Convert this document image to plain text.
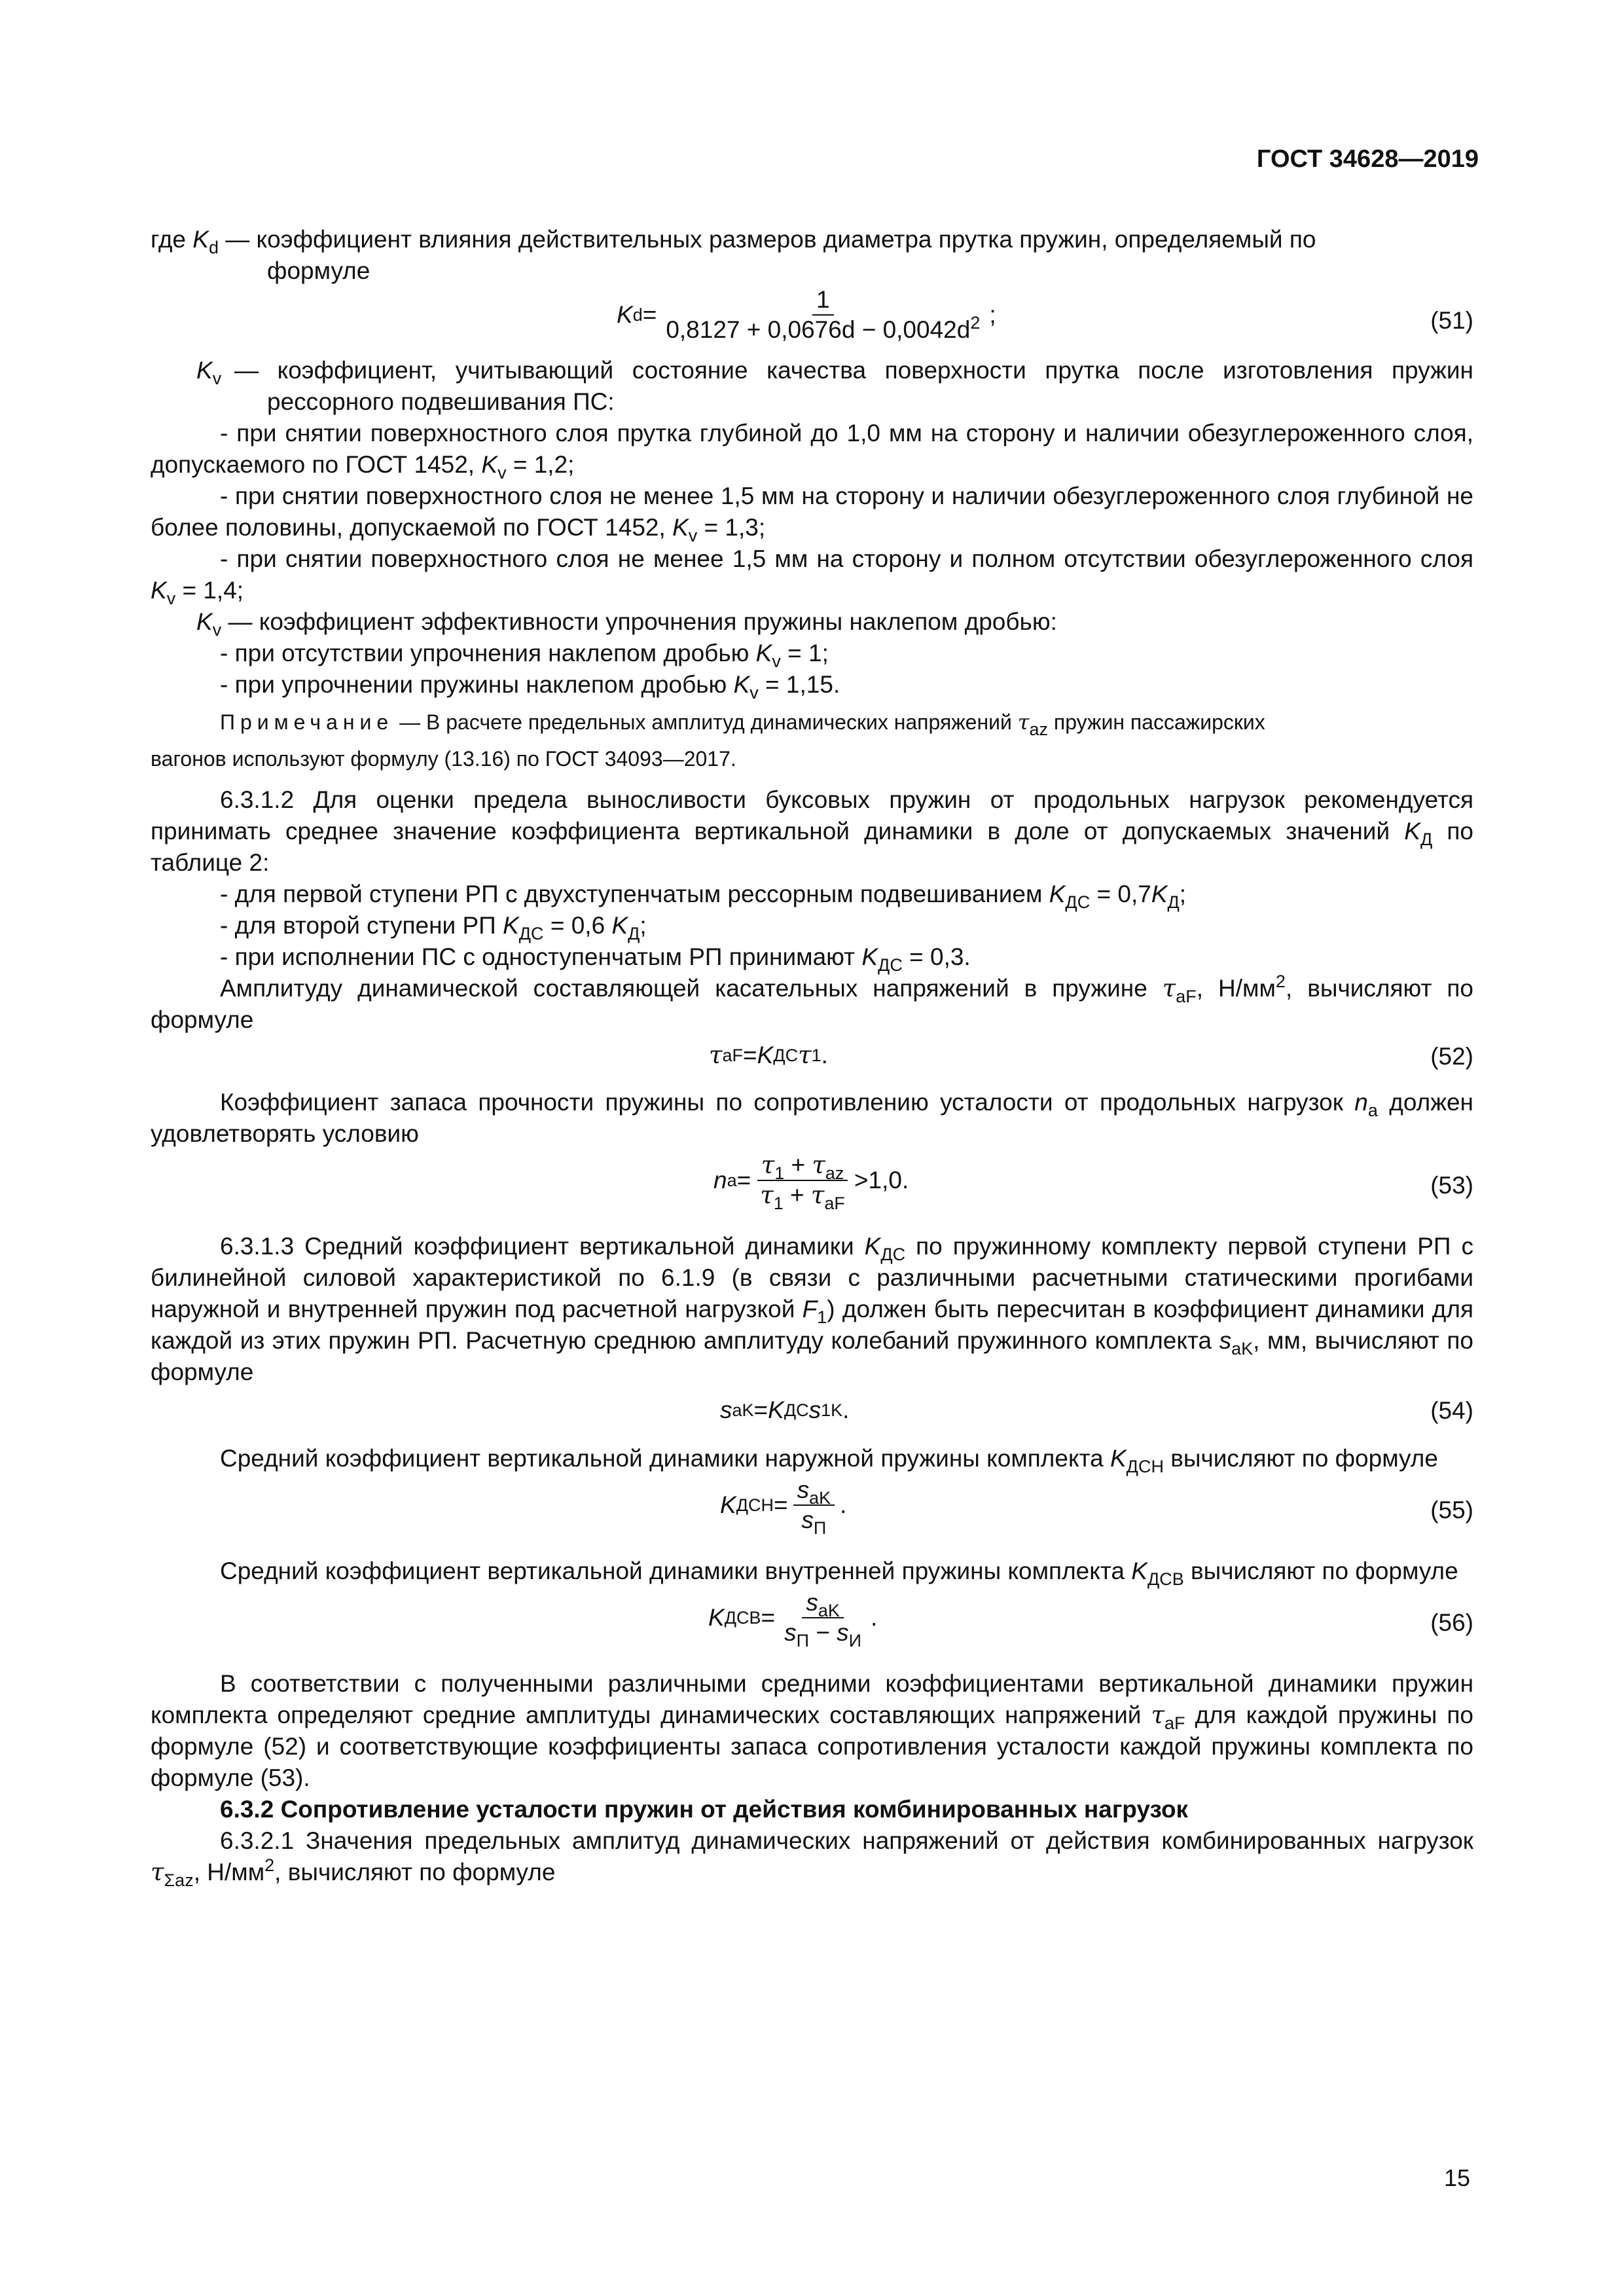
ГОСТ 34628—2019
где $K_d$ — коэффициент влияния действительных размеров диаметра прутка пружин, определяемый по
формуле
K $d = \frac{1}{0,8127 + 0,0676d - 0,0042d^2}$ ;	(51)
$K_v$ — коэффициент, учитывающий состояние качества поверхности прутка после изготовления пружин рессорного подвешивания ПС:
- при снятии поверхностного слоя прутка глубиной до 1,0 мм на сторону и наличии обезуглероженного слоя, допускаемого по ГОСТ 1452, $K_v = 1,2$;
- при снятии поверхностного слоя не менее 1,5 мм на сторону и наличии обезуглероженного слоя глубиной не более половины, допускаемой по ГОСТ 1452, $K_v = 1,3$;
- при снятии поверхностного слоя не менее 1,5 мм на сторону и полном отсутствии обезуглероженного слоя $K_v = 1,4$;
$K_v$ — коэффициент эффективности упрочнения пружины наклепом дробью:
- при отсутствии упрочнения наклепом дробью $K_v = 1$;
- при упрочнении пружины наклепом дробью $K_v = 1,15$.
Примечание — В расчете предельных амплитуд динамических напряжений $\tau_{az}$ пружин пассажирских
вагонов используют формулу (13.16) по ГОСТ 34093—2017.
6.3.1.2 Для оценки предела выносливости буксовых пружин от продольных нагрузок рекомендуется принимать среднее значение коэффициента вертикальной динамики в доле от допускаемых значений $K_Д$ по таблице 2:
- для первой ступени РП с двухступенчатым рессорным подвешиванием $K_{ДС} = 0,7K_Д$;
- для второй ступени РП $K_{ДС} = 0,6$ $K_Д$;
- при исполнении ПС с одноступенчатым РП принимают $K_{ДС} = 0,3$.
Амплитуду динамической составляющей касательных напряжений в пружине $\tau_{aF}$, $Н/мм^2$, вычисляют по формуле
τ aF = K ДС τ 1 .	(52)
Коэффициент запаса прочности пружины по сопротивлению усталости от продольных нагрузок $n_a$ должен удовлетворять условию
n $a = \frac{\tau_1 + \tau_{az}}{\tau_1 + \tau_{aF}} >1,0$.	(53)
6.3.1.3 Средний коэффициент вертикальной динамики $K_{ДС}$ по пружинному комплекту первой ступени РП с билинейной силовой характеристикой по 6.1.9 (в связи с различными расчетными статическими прогибами наружной и внутренней пружин под расчетной нагрузкой $F_1$) должен быть пересчитан в коэффициент динамики для каждой из этих пружин РП. Расчетную среднюю амплитуду колебаний пружинного комплекта $s_{aK}$, мм, вычисляют по формуле
s aK = K ДС s 1K .	(54)
Средний коэффициент вертикальной динамики наружной пружины комплекта $K_{ДСН}$ вычисляют по формуле
K ДСН = $\frac{s_{aK}}{s_П}$ .	(55)
Средний коэффициент вертикальной динамики внутренней пружины комплекта $K_{ДСВ}$ вычисляют по формуле
K ДСВ = $\frac{s_{aK}}{s_П - s_И}$ .	(56)
В соответствии с полученными различными средними коэффициентами вертикальной динамики пружин комплекта определяют средние амплитуды динамических составляющих напряжений $\tau_{aF}$ для каждой пружины по формуле (52) и соответствующие коэффициенты запаса сопротивления усталости каждой пружины комплекта по формуле (53).
6.3.2 Сопротивление усталости пружин от действия комбинированных нагрузок
6.3.2.1 Значения предельных амплитуд динамических напряжений от действия комбинированных нагрузок $\tau_{\Sigma az}$, $Н/мм^2$, вычисляют по формуле
15
